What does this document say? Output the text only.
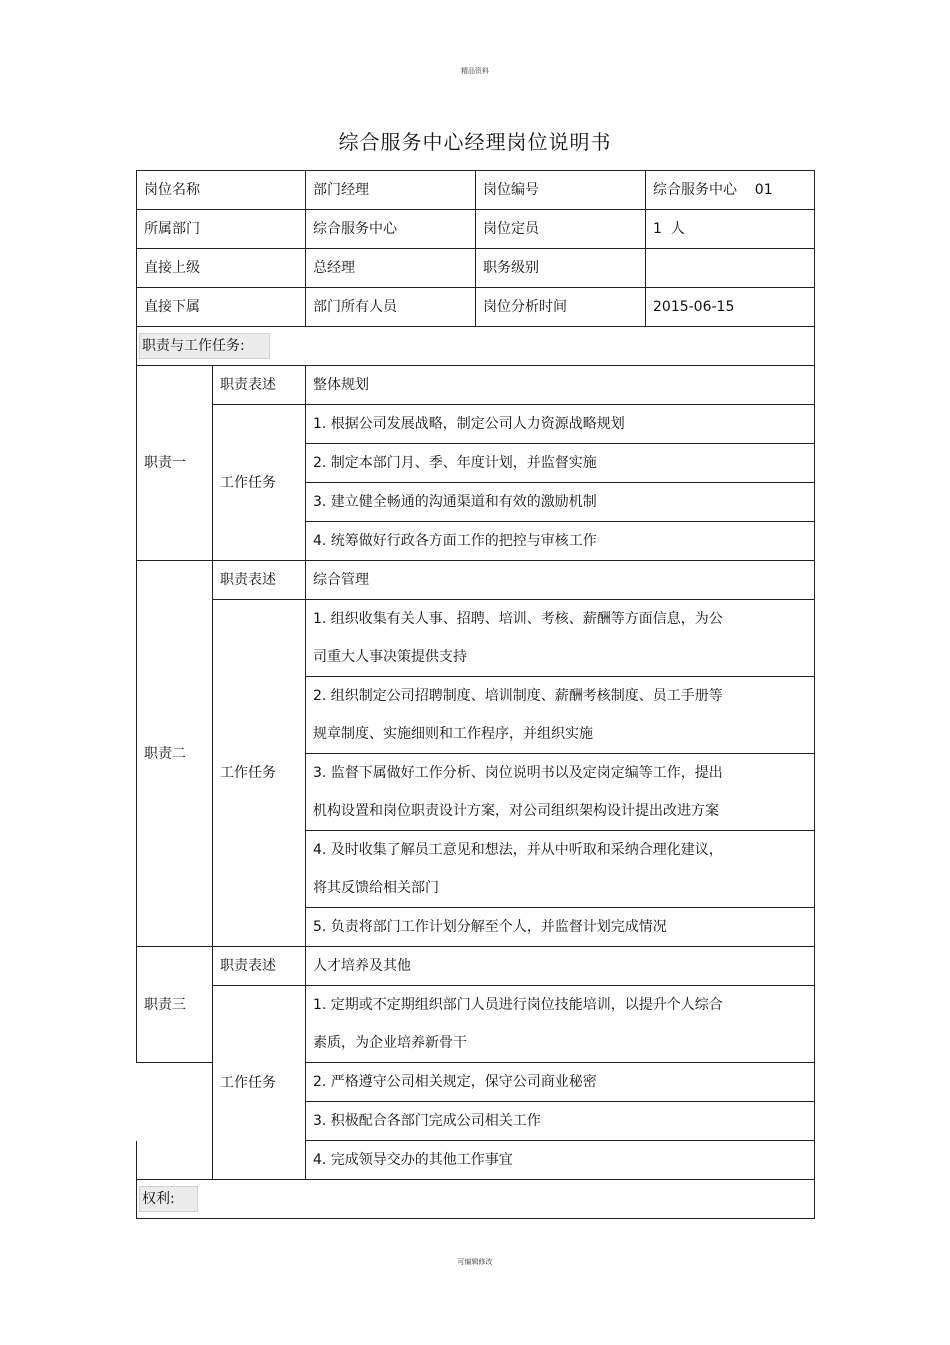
精品资料
综合服务中心经理岗位说明书
岗位名称		部门经理	岗位编号	综合服务中心    01
所属部门		综合服务中心	岗位定员	1  人
直接上级		总经理	职务级别	
直接下属		部门所有人员	岗位分析时间	2015-06-15
职责与工作任务:				
职责一	职责表述	整体规划		
	工作任务	1. 根据公司发展战略，制定公司人力资源战略规划		
		2. 制定本部门月、季、年度计划，并监督实施		
		3. 建立健全畅通的沟通渠道和有效的激励机制		
		4. 统筹做好行政各方面工作的把控与审核工作		
职责二	职责表述	综合管理		
	工作任务	1. 组织收集有关人事、招聘、培训、考核、薪酬等方面信息，为公
司重大人事决策提供支持		

		2. 组织制定公司招聘制度、培训制度、薪酬考核制度、员工手册等
规章制度、实施细则和工作程序，并组织实施		

		3. 监督下属做好工作分析、岗位说明书以及定岗定编等工作，提出
机构设置和岗位职责设计方案，对公司组织架构设计提出改进方案		

		4. 及时收集了解员工意见和想法，并从中听取和采纳合理化建议，
将其反馈给相关部门		

		5. 负责将部门工作计划分解至个人，并监督计划完成情况		
职责三	职责表述	人才培养及其他		
	工作任务	1. 定期或不定期组织部门人员进行岗位技能培训，以提升个人综合
素质，为企业培养新骨干		

		2. 严格遵守公司相关规定，保守公司商业秘密		
		3. 积极配合各部门完成公司相关工作		
		4. 完成领导交办的其他工作事宜		
权利:				
可编辑修改
